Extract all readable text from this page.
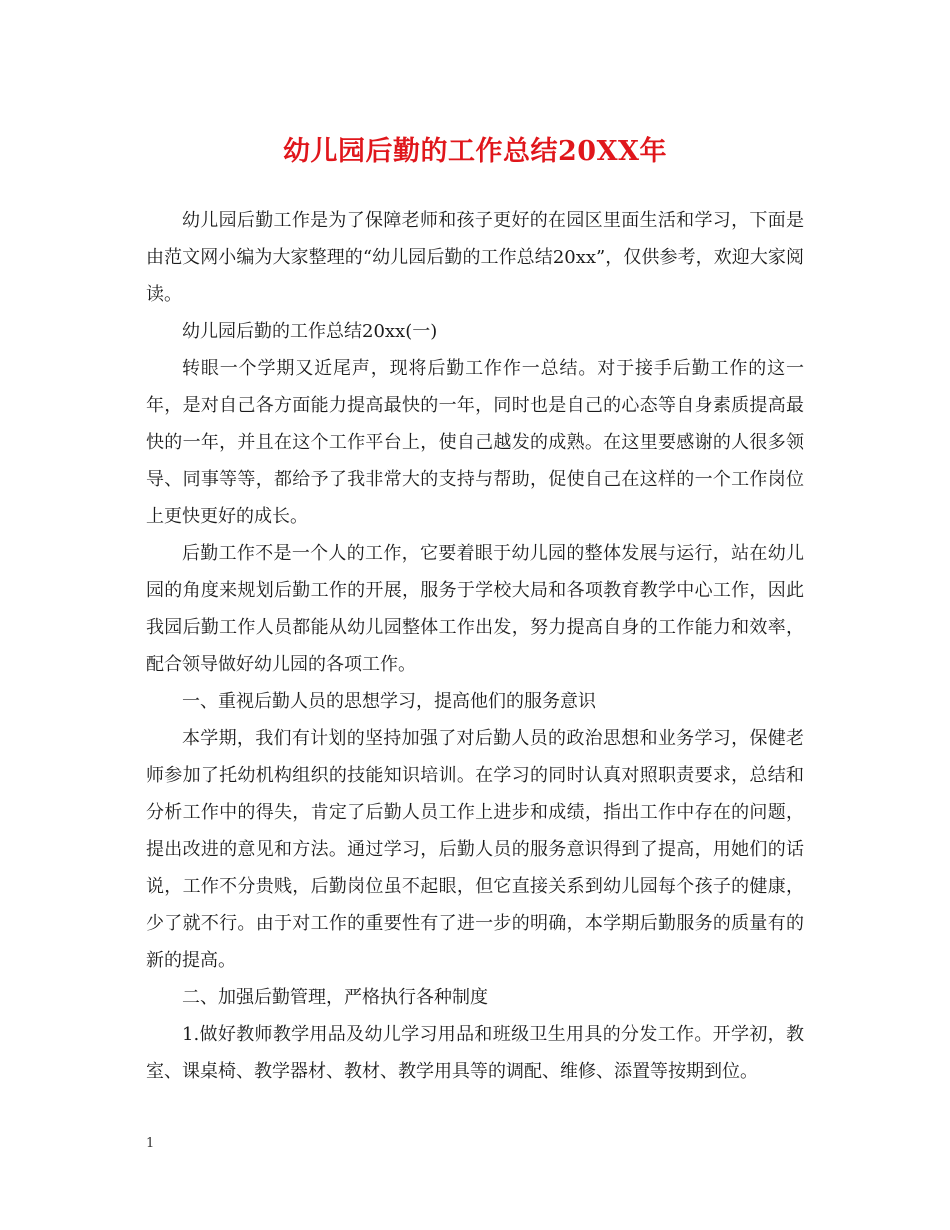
幼儿园后勤的工作总结20XX年

幼儿园后勤工作是为了保障老师和孩子更好的在园区里面生活和学习，下面是由范文网小编为大家整理的“幼儿园后勤的工作总结20xx”，仅供参考，欢迎大家阅读。

幼儿园后勤的工作总结20xx(一)

转眼一个学期又近尾声，现将后勤工作作一总结。对于接手后勤工作的这一年，是对自己各方面能力提高最快的一年，同时也是自己的心态等自身素质提高最快的一年，并且在这个工作平台上，使自己越发的成熟。在这里要感谢的人很多领导、同事等等，都给予了我非常大的支持与帮助，促使自己在这样的一个工作岗位上更快更好的成长。

后勤工作不是一个人的工作，它要着眼于幼儿园的整体发展与运行，站在幼儿园的角度来规划后勤工作的开展，服务于学校大局和各项教育教学中心工作，因此我园后勤工作人员都能从幼儿园整体工作出发，努力提高自身的工作能力和效率，配合领导做好幼儿园的各项工作。

一、重视后勤人员的思想学习，提高他们的服务意识

本学期，我们有计划的坚持加强了对后勤人员的政治思想和业务学习，保健老师参加了托幼机构组织的技能知识培训。在学习的同时认真对照职责要求，总结和分析工作中的得失，肯定了后勤人员工作上进步和成绩，指出工作中存在的问题，提出改进的意见和方法。通过学习，后勤人员的服务意识得到了提高，用她们的话说，工作不分贵贱，后勤岗位虽不起眼，但它直接关系到幼儿园每个孩子的健康，少了就不行。由于对工作的重要性有了进一步的明确，本学期后勤服务的质量有的新的提高。

二、加强后勤管理，严格执行各种制度

1.做好教师教学用品及幼儿学习用品和班级卫生用具的分发工作。开学初，教室、课桌椅、教学器材、教材、教学用具等的调配、维修、添置等按期到位。

1
